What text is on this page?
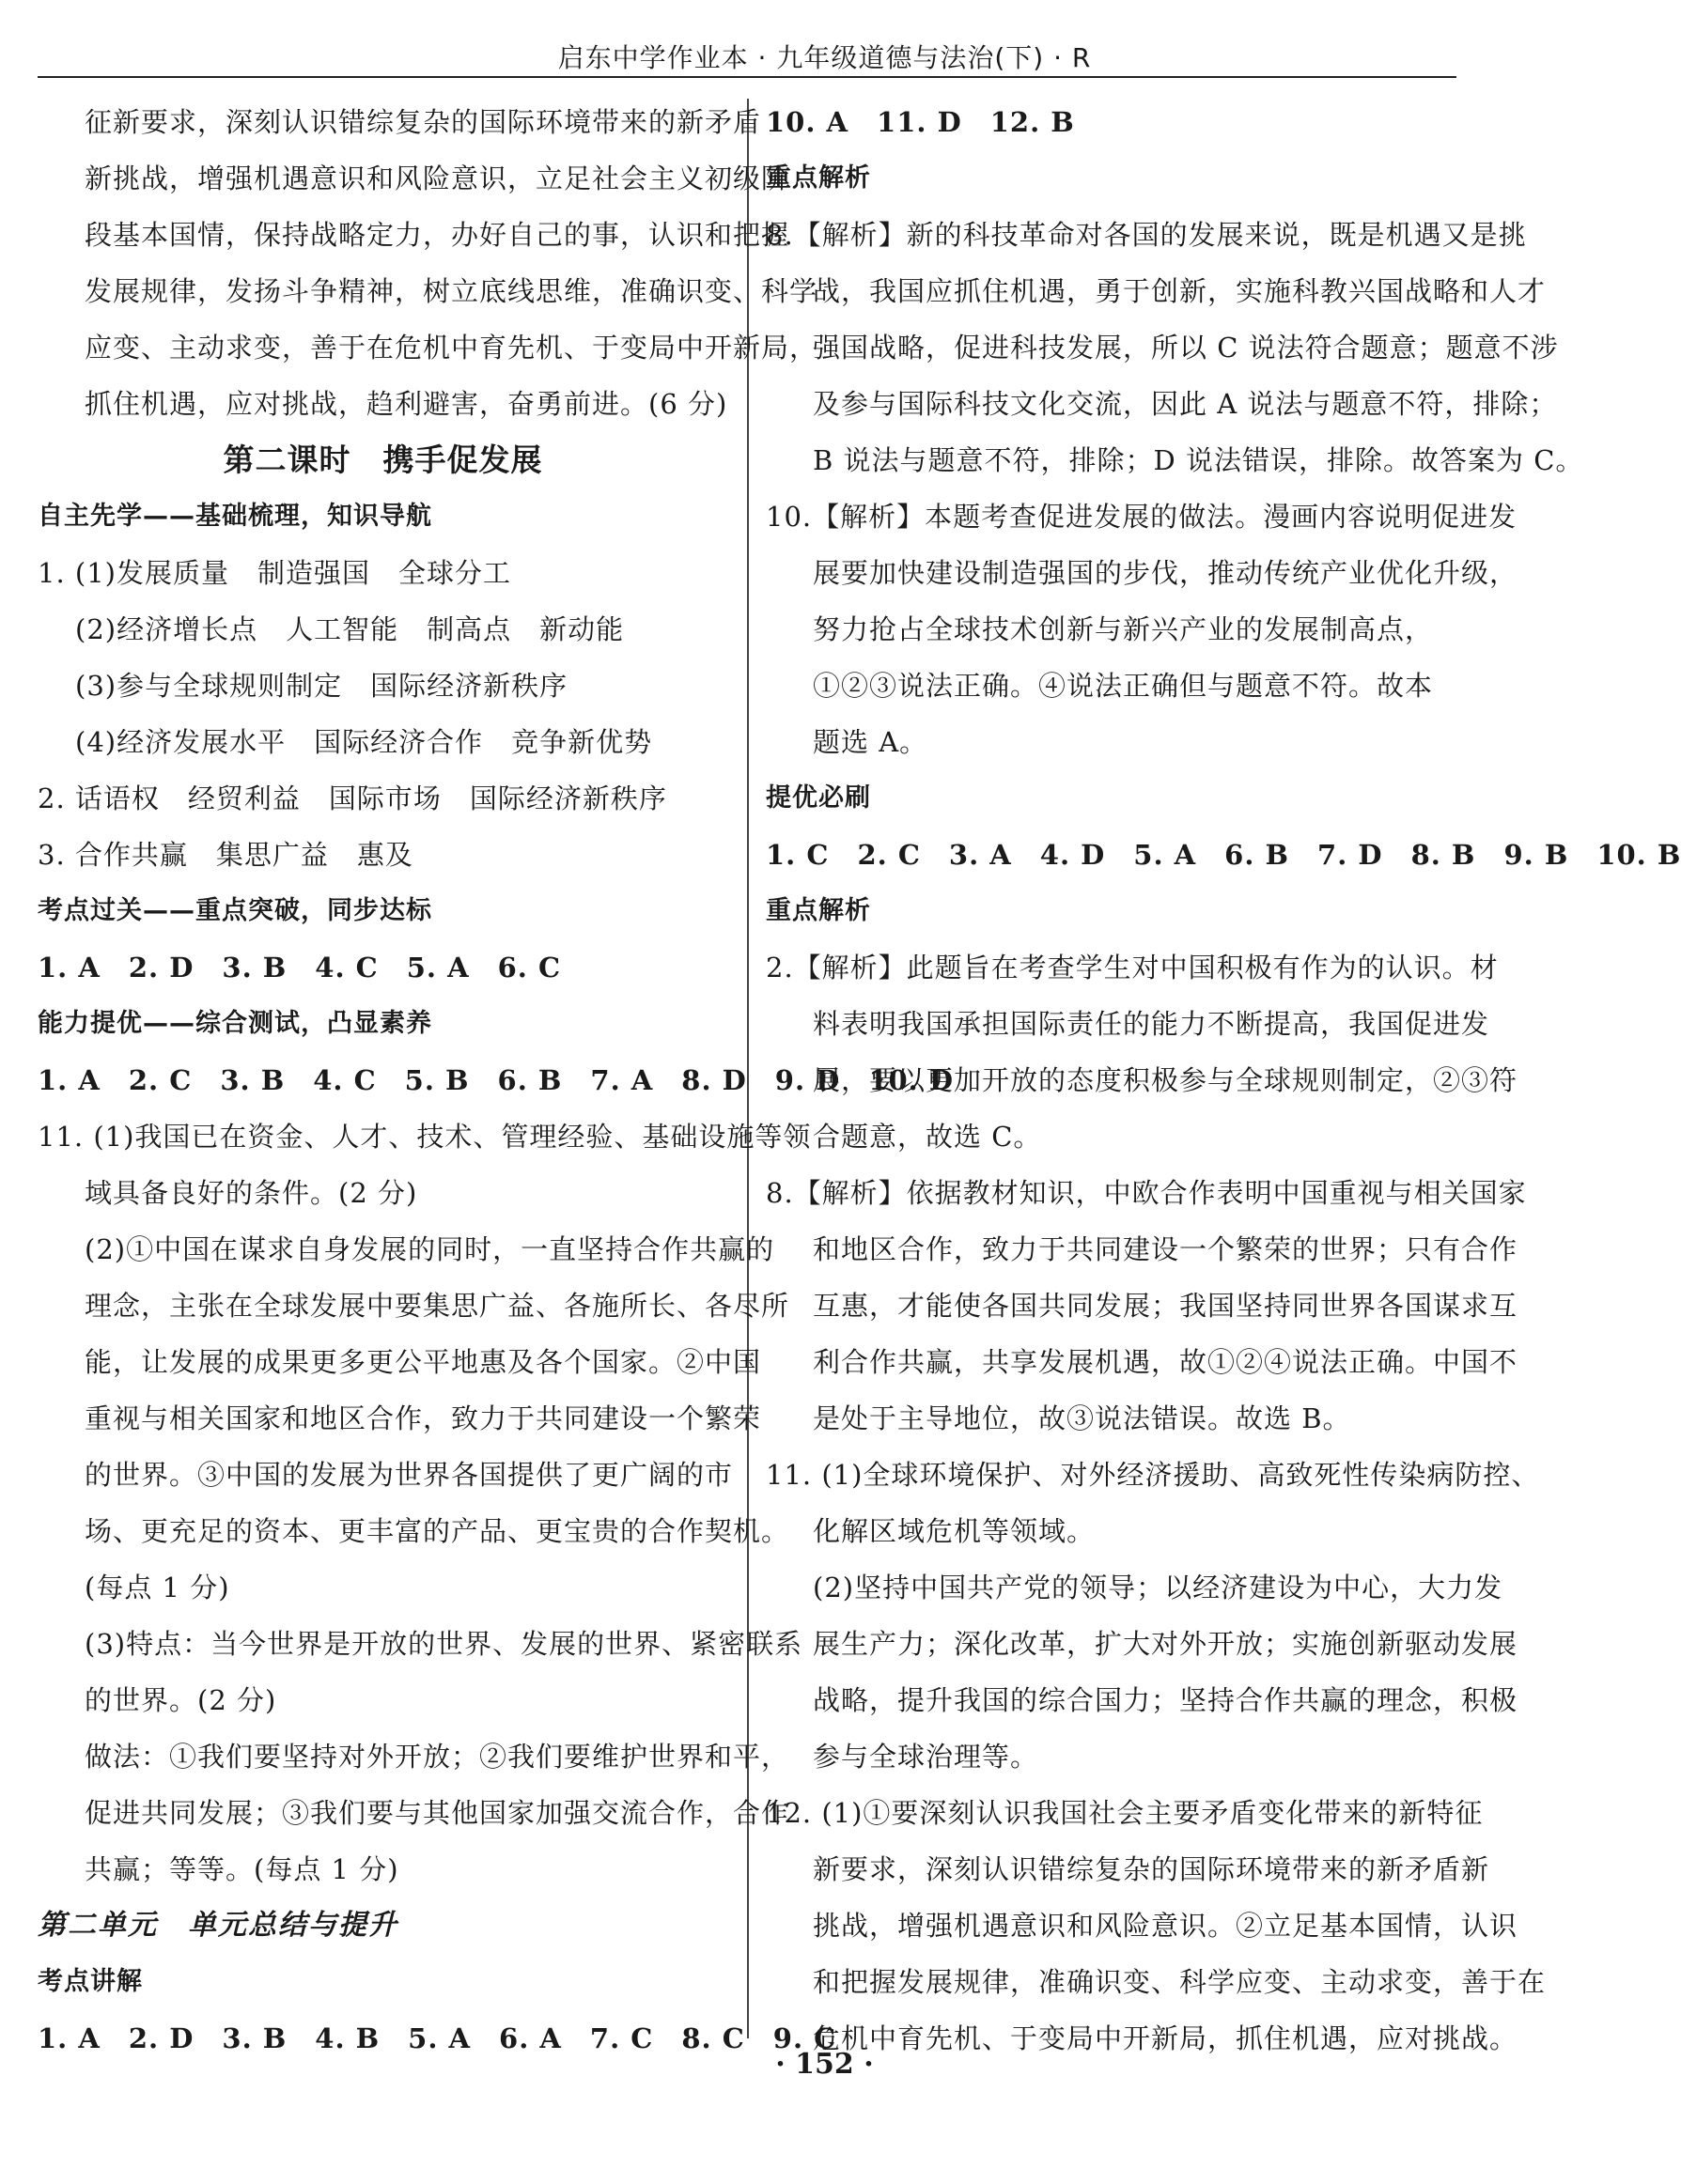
启东中学作业本 · 九年级道德与法治(下) · R
征新要求，深刻认识错综复杂的国际环境带来的新矛盾
新挑战，增强机遇意识和风险意识，立足社会主义初级阶
段基本国情，保持战略定力，办好自己的事，认识和把握
发展规律，发扬斗争精神，树立底线思维，准确识变、科学
应变、主动求变，善于在危机中育先机、于变局中开新局，
抓住机遇，应对挑战，趋利避害，奋勇前进。(6 分)
第二课时　携手促发展
自主先学——基础梳理，知识导航
1. (1)发展质量　制造强国　全球分工
(2)经济增长点　人工智能　制高点　新动能
(3)参与全球规则制定　国际经济新秩序
(4)经济发展水平　国际经济合作　竞争新优势
2. 话语权　经贸利益　国际市场　国际经济新秩序
3. 合作共赢　集思广益　惠及
考点过关——重点突破，同步达标
1. A　2. D　3. B　4. C　5. A　6. C
能力提优——综合测试，凸显素养
1. A　2. C　3. B　4. C　5. B　6. B　7. A　8. D　9. D　10. D
11. (1)我国已在资金、人才、技术、管理经验、基础设施等领
域具备良好的条件。(2 分)
(2)①中国在谋求自身发展的同时，一直坚持合作共赢的
理念，主张在全球发展中要集思广益、各施所长、各尽所
能，让发展的成果更多更公平地惠及各个国家。②中国
重视与相关国家和地区合作，致力于共同建设一个繁荣
的世界。③中国的发展为世界各国提供了更广阔的市
场、更充足的资本、更丰富的产品、更宝贵的合作契机。
(每点 1 分)
(3)特点：当今世界是开放的世界、发展的世界、紧密联系
的世界。(2 分)
做法：①我们要坚持对外开放；②我们要维护世界和平，
促进共同发展；③我们要与其他国家加强交流合作，合作
共赢；等等。(每点 1 分)
第二单元　单元总结与提升
考点讲解
1. A　2. D　3. B　4. B　5. A　6. A　7. C　8. C　9. C
10. A　11. D　12. B
重点解析
8.【解析】新的科技革命对各国的发展来说，既是机遇又是挑
战，我国应抓住机遇，勇于创新，实施科教兴国战略和人才
强国战略，促进科技发展，所以 C 说法符合题意；题意不涉
及参与国际科技文化交流，因此 A 说法与题意不符，排除；
B 说法与题意不符，排除；D 说法错误，排除。故答案为 C。
10.【解析】本题考查促进发展的做法。漫画内容说明促进发
展要加快建设制造强国的步伐，推动传统产业优化升级，
努力抢占全球技术创新与新兴产业的发展制高点，
①②③说法正确。④说法正确但与题意不符。故本
题选 A。
提优必刷
1. C　2. C　3. A　4. D　5. A　6. B　7. D　8. B　9. B　10. B
重点解析
2.【解析】此题旨在考查学生对中国积极有作为的认识。材
料表明我国承担国际责任的能力不断提高，我国促进发
展，要以更加开放的态度积极参与全球规则制定，②③符
合题意，故选 C。
8.【解析】依据教材知识，中欧合作表明中国重视与相关国家
和地区合作，致力于共同建设一个繁荣的世界；只有合作
互惠，才能使各国共同发展；我国坚持同世界各国谋求互
利合作共赢，共享发展机遇，故①②④说法正确。中国不
是处于主导地位，故③说法错误。故选 B。
11. (1)全球环境保护、对外经济援助、高致死性传染病防控、
化解区域危机等领域。
(2)坚持中国共产党的领导；以经济建设为中心，大力发
展生产力；深化改革，扩大对外开放；实施创新驱动发展
战略，提升我国的综合国力；坚持合作共赢的理念，积极
参与全球治理等。
12. (1)①要深刻认识我国社会主要矛盾变化带来的新特征
新要求，深刻认识错综复杂的国际环境带来的新矛盾新
挑战，增强机遇意识和风险意识。②立足基本国情，认识
和把握发展规律，准确识变、科学应变、主动求变，善于在
危机中育先机、于变局中开新局，抓住机遇，应对挑战。
· 152 ·
